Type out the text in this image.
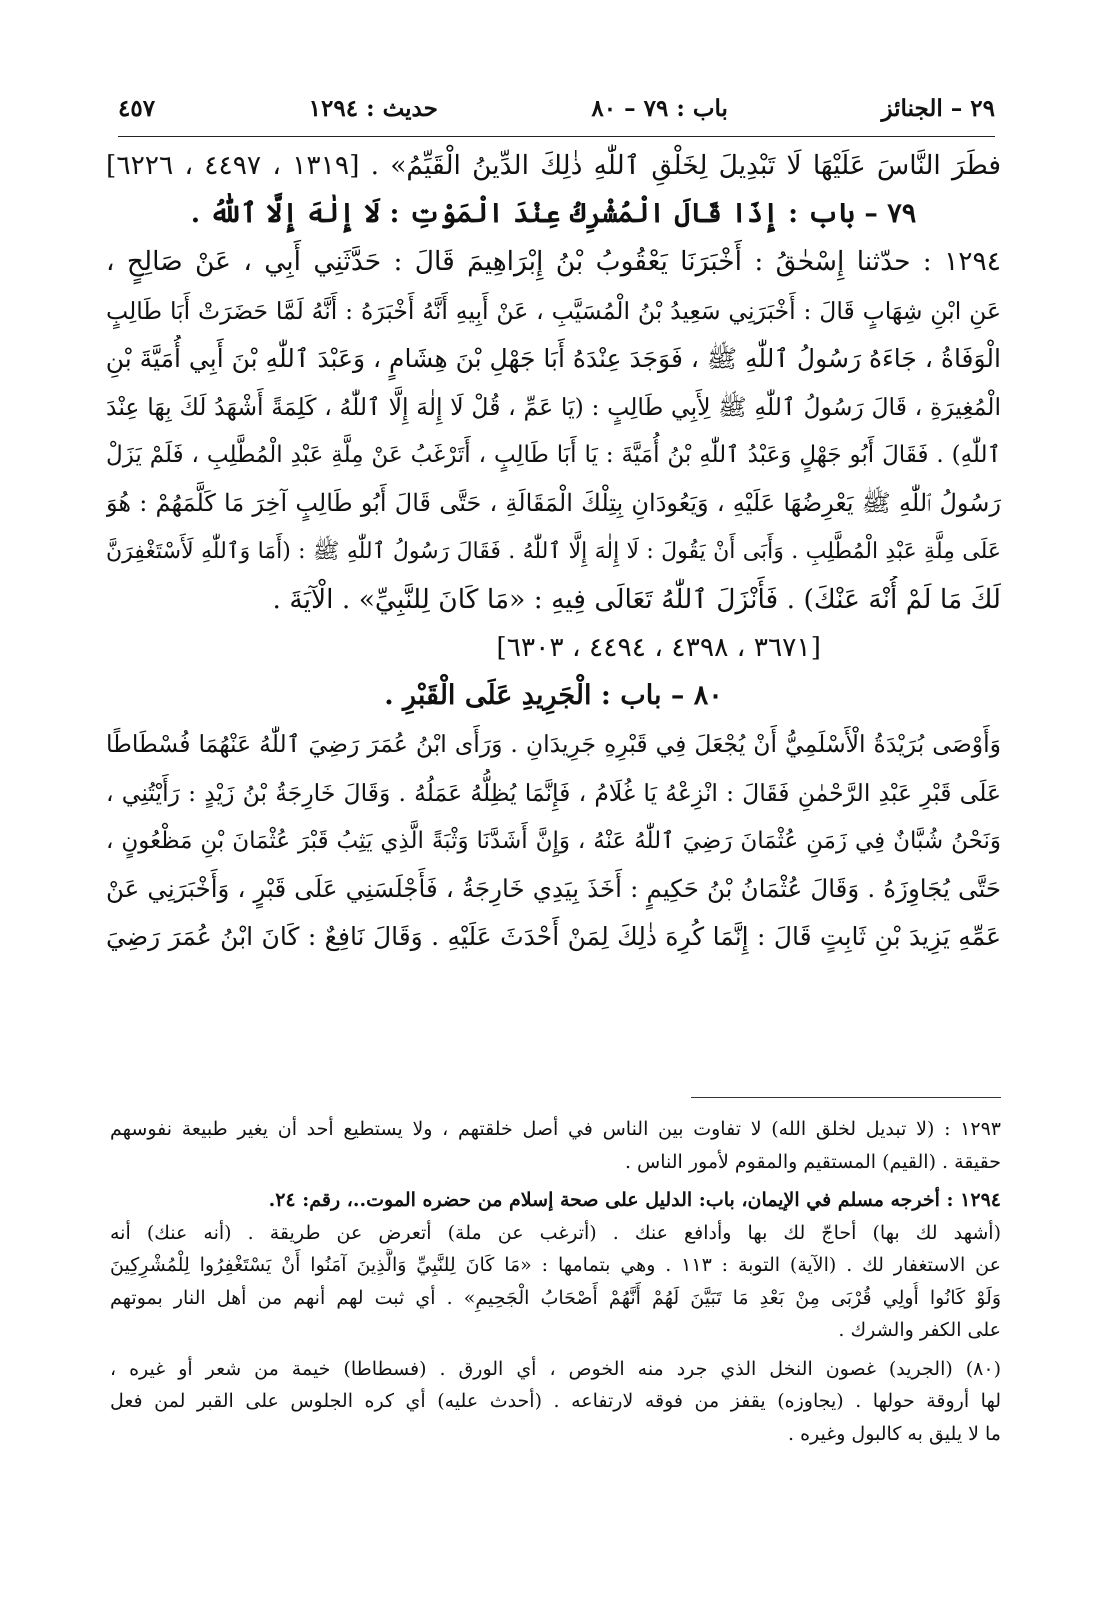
٢٩ – الجنائز
باب : ٧٩ – ٨٠
حديث : ١٢٩٤
٤٥٧
فطَرَ النَّاسَ عَلَيْهَا لَا تَبْدِيلَ لِخَلْقِ ٱللّٰهِ ذٰلِكَ الدِّينُ الْقَيِّمُ» . [١٣١٩ ، ٤٤٩٧ ، ٦٢٢٦]
٧٩ – باب : إِذَا قَالَ الْمُشْرِكُ عِنْدَ الْمَوْتِ : لَا إِلٰهَ إِلَّا ٱللّٰهُ .
١٢٩٤ : حدّثنا إِسْحٰقُ : أَخْبَرَنَا يَعْقُوبُ بْنُ إِبْرَاهِيمَ قَالَ : حَدَّثَنِي أَبِي ، عَنْ صَالِحٍ ،
عَنِ ابْنِ شِهَابٍ قَالَ : أَخْبَرَنِي سَعِيدُ بْنُ الْمُسَيَّبِ ، عَنْ أَبِيهِ أَنَّهُ أَخْبَرَهُ : أَنَّهُ لَمَّا حَضَرَتْ أَبَا طَالِبٍ
الْوَفَاةُ ، جَاءَهُ رَسُولُ ٱللّٰهِ ﷺ ، فَوَجَدَ عِنْدَهُ أَبَا جَهْلِ بْنَ هِشَامٍ ، وَعَبْدَ ٱللّٰهِ بْنَ أَبِي أُمَيَّةَ بْنِ
الْمُغِيرَةِ ، قَالَ رَسُولُ ٱللّٰهِ ﷺ لِأَبِي طَالِبٍ : (يَا عَمِّ ، قُلْ لَا إِلٰهَ إِلَّا ٱللّٰهُ ، كَلِمَةً أَشْهَدُ لَكَ بِهَا عِنْدَ
ٱللّٰهِ) . فَقَالَ أَبُو جَهْلٍ وَعَبْدُ ٱللّٰهِ بْنُ أُمَيَّةَ : يَا أَبَا طَالِبٍ ، أَتَرْغَبُ عَنْ مِلَّةِ عَبْدِ الْمُطَّلِبِ ، فَلَمْ يَزَلْ
رَسُولُ ٱللّٰهِ ﷺ يَعْرِضُهَا عَلَيْهِ ، وَيَعُودَانِ بِتِلْكَ الْمَقَالَةِ ، حَتَّى قَالَ أَبُو طَالِبٍ آخِرَ مَا كَلَّمَهُمْ : هُوَ
عَلَى مِلَّةِ عَبْدِ الْمُطَّلِبِ . وَأَبَى أَنْ يَقُولَ : لَا إِلٰهَ إِلَّا ٱللّٰهُ . فَقَالَ رَسُولُ ٱللّٰهِ ﷺ : (أَمَا وَٱللّٰهِ لَأَسْتَغْفِرَنَّ
لَكَ مَا لَمْ أُنْهَ عَنْكَ) . فَأَنْزَلَ ٱللّٰهُ تَعَالَى فِيهِ : «مَا كَانَ لِلنَّبِيِّ» . الْآيَةَ .
[٣٦٧١ ، ٤٣٩٨ ، ٤٤٩٤ ، ٦٣٠٣]
٨٠ – باب : الْجَرِيدِ عَلَى الْقَبْرِ .
وَأَوْصَى بُرَيْدَةُ الْأَسْلَمِيُّ أَنْ يُجْعَلَ فِي قَبْرِهِ جَرِيدَانِ . وَرَأَى ابْنُ عُمَرَ رَضِيَ ٱللّٰهُ عَنْهُمَا فُسْطَاطًا
عَلَى قَبْرِ عَبْدِ الرَّحْمٰنِ فَقَالَ : انْزِعْهُ يَا غُلَامُ ، فَإِنَّمَا يُظِلُّهُ عَمَلُهُ . وَقَالَ خَارِجَةُ بْنُ زَيْدٍ : رَأَيْتُنِي ،
وَنَحْنُ شُبَّانٌ فِي زَمَنِ عُثْمَانَ رَضِيَ ٱللّٰهُ عَنْهُ ، وَإِنَّ أَشَدَّنَا وَثْبَةً الَّذِي يَثِبُ قَبْرَ عُثْمَانَ بْنِ مَظْعُونٍ ،
حَتَّى يُجَاوِزَهُ . وَقَالَ عُثْمَانُ بْنُ حَكِيمٍ : أَخَذَ بِيَدِي خَارِجَةُ ، فَأَجْلَسَنِي عَلَى قَبْرٍ ، وَأَخْبَرَنِي عَنْ
عَمِّهِ يَزِيدَ بْنِ ثَابِتٍ قَالَ : إِنَّمَا كُرِهَ ذٰلِكَ لِمَنْ أَحْدَثَ عَلَيْهِ . وَقَالَ نَافِعٌ : كَانَ ابْنُ عُمَرَ رَضِيَ
١٢٩٣ : (لا تبديل لخلق الله) لا تفاوت بين الناس في أصل خلقتهم ، ولا يستطيع أحد أن يغير طبيعة نفوسهم
حقيقة . (القيم) المستقيم والمقوم لأمور الناس .
١٢٩٤ : أخرجه مسلم في الإيمان، باب: الدليل على صحة إسلام من حضره الموت..، رقم: ٢٤.
(أشهد لك بها) أحاجّ لك بها وأدافع عنك . (أترغب عن ملة) أتعرض عن طريقة . (أنه عنك) أنه
عن الاستغفار لك . (الآية) التوبة : ١١٣ . وهي بتمامها : «مَا كَانَ لِلنَّبِيِّ وَالَّذِينَ آمَنُوا أَنْ يَسْتَغْفِرُوا لِلْمُشْرِكِينَ
وَلَوْ كَانُوا أُولِي قُرْبَى مِنْ بَعْدِ مَا تَبَيَّنَ لَهُمْ أَنَّهُمْ أَصْحَابُ الْجَحِيمِ» . أي ثبت لهم أنهم من أهل النار بموتهم
على الكفر والشرك .
(٨٠) (الجريد) غصون النخل الذي جرد منه الخوص ، أي الورق . (فسطاطا) خيمة من شعر أو غيره ،
لها أروقة حولها . (يجاوزه) يقفز من فوقه لارتفاعه . (أحدث عليه) أي كره الجلوس على القبر لمن فعل
ما لا يليق به كالبول وغيره .
